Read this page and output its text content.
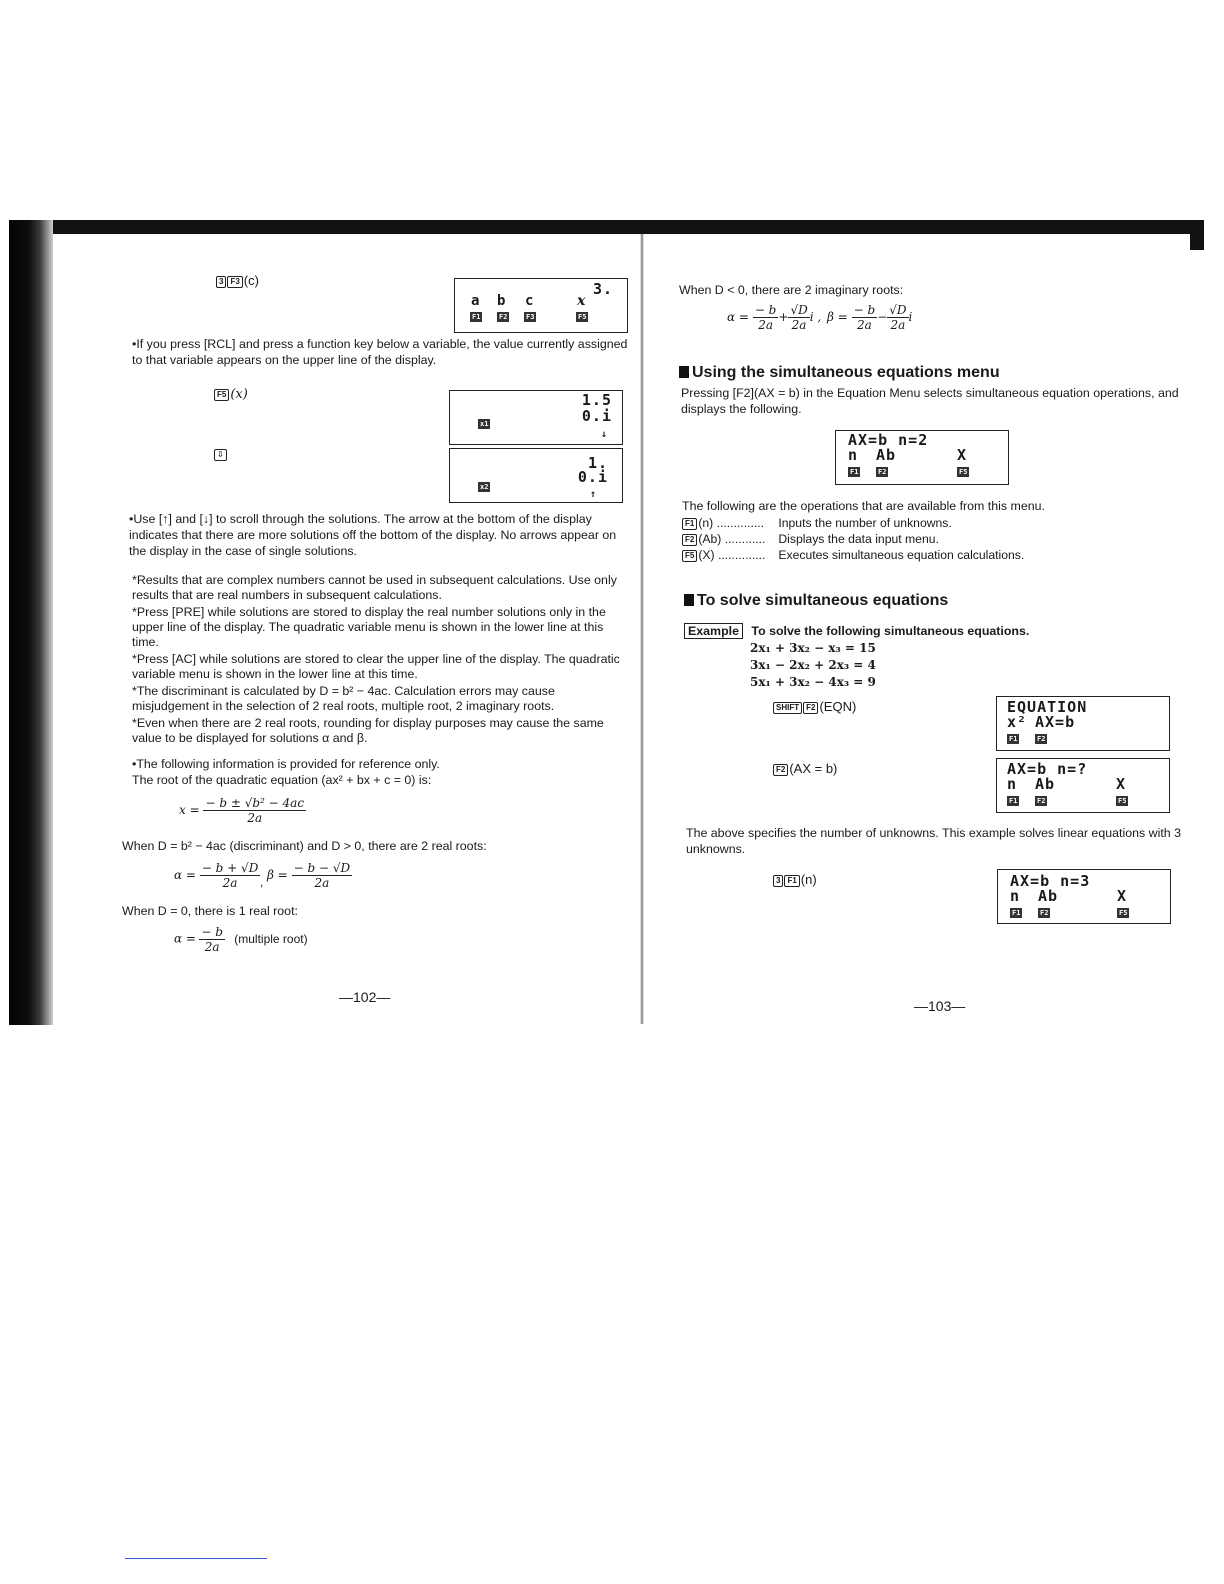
3 F3 (c)	3.
a b c	x
F1	F2	F3	F5
•If you press [RCL] and press a function key below a variable, the value currently assigned to that variable appears on the upper line of the display.
F5 (x)	1.5
0.i
x1
↓
⇩	1.
0.i
x2
↑
•Use [↑] and [↓] to scroll through the solutions. The arrow at the bottom of the display indicates that there are more solutions off the bottom of the display. No arrows appear on the display in the case of single solutions.
*Results that are complex numbers cannot be used in subsequent calculations. Use only results that are real numbers in subsequent calculations.
*Press [PRE] while solutions are stored to display the real number solutions only in the upper line of the display. The quadratic variable menu is shown in the lower line at this time.
*Press [AC] while solutions are stored to clear the upper line of the display. The quadratic variable menu is shown in the lower line at this time.
*The discriminant is calculated by D = b² − 4ac. Calculation errors may cause misjudgement in the selection of 2 real roots, multiple root, 2 imaginary roots.
*Even when there are 2 real roots, rounding for display purposes may cause the same value to be displayed for solutions α and β.
•The following information is provided for reference only.
The root of the quadratic equation (ax² + bx + c = 0) is:
$x = \frac{\text{− b ± √b² − 4ac}}{2a}$
When D = b² − 4ac (discriminant) and D > 0, there are 2 real roots:
$\alpha = \frac{- b + √D}{2a}$ , $\beta = \frac{- b - √D}{2a}$
When D = 0, there is 1 real root:
$\alpha = \frac{- b}{2a}$ (multiple root)
—102—
When D < 0, there are 2 imaginary roots:
$\alpha = \frac{- b}{2a} + \frac{√D}{2a}$ i , $\beta = \frac{- b}{2a} - \frac{√D}{2a}$ i
Using the simultaneous equations menu
Pressing [F2](AX = b) in the Equation Menu selects simultaneous equation operations, and displays the following.
AX=b n=2
n Ab	X
F1	F2	F5
The following are the operations that are available from this menu.
F1 (n) .............. Inputs the number of unknowns.
F2 (Ab) ............ Displays the data input menu.
F5 (X) .............. Executes simultaneous equation calculations.
To solve simultaneous equations
Example To solve the following simultaneous equations.
2x₁ + 3x₂ − x₃ = 15
3x₁ − 2x₂ + 2x₃ = 4
5x₁ + 3x₂ − 4x₃ = 9
SHIFT F2 (EQN)	EQUATION
x² AX=b
F1	F2
F2 (AX = b)	AX=b n=?
n Ab	X
F1	F2	F5
The above specifies the number of unknowns. This example solves linear equations with 3 unknowns.
3 F1 (n)	AX=b n=3
n Ab	X
F1	F2	F5
—103—
